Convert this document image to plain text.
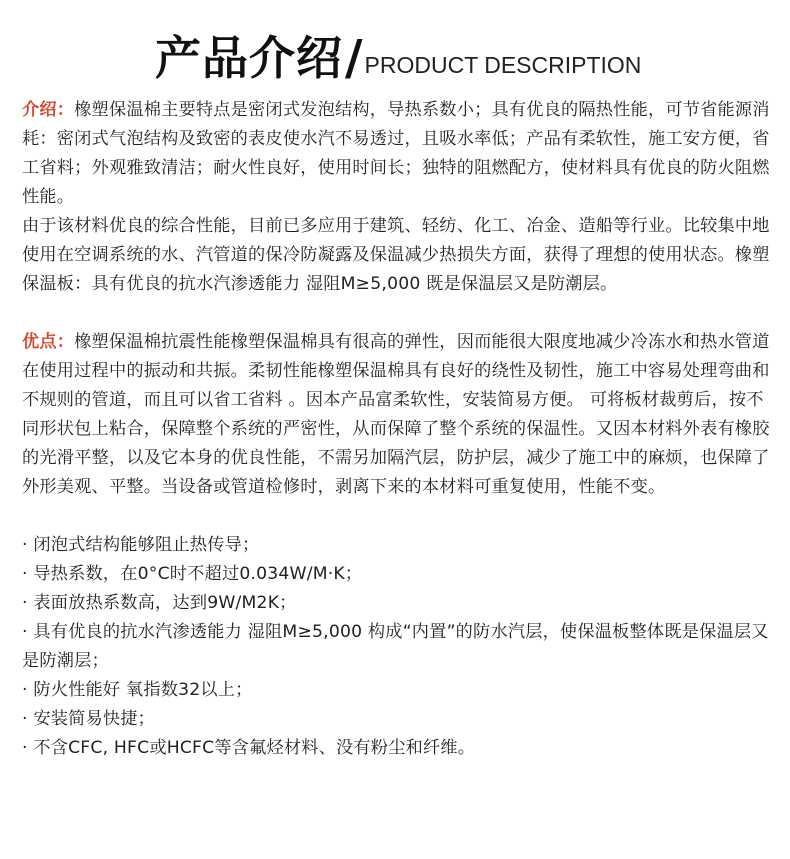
产品介绍 / PRODUCT DESCRIPTION

介绍：橡塑保温棉主要特点是密闭式发泡结构，导热系数小；具有优良的隔热性能，可节省能源消耗：密闭式气泡结构及致密的表皮使水汽不易透过，且吸水率低；产品有柔软性，施工安方便，省工省料；外观雅致清洁；耐火性良好，使用时间长；独特的阻燃配方，使材料具有优良的防火阻燃性能。

由于该材料优良的综合性能，目前已多应用于建筑、轻纺、化工、冶金、造船等行业。比较集中地使用在空调系统的水、汽管道的保冷防凝露及保温减少热损失方面，获得了理想的使用状态。橡塑保温板：具有优良的抗水汽渗透能力 湿阻M≥5,000 既是保温层又是防潮层。

优点：橡塑保温棉抗震性能橡塑保温棉具有很高的弹性，因而能很大限度地减少冷冻水和热水管道在使用过程中的振动和共振。柔韧性能橡塑保温棉具有良好的绕性及韧性，施工中容易处理弯曲和不规则的管道，而且可以省工省料 。因本产品富柔软性，安装简易方便。 可将板材裁剪后，按不同形状包上粘合，保障整个系统的严密性，从而保障了整个系统的保温性。又因本材料外表有橡胶的光滑平整，以及它本身的优良性能，不需另加隔汽层，防护层，减少了施工中的麻烦，也保障了外形美观、平整。当设备或管道检修时，剥离下来的本材料可重复使用，性能不变。

· 闭泡式结构能够阻止热传导；

· 导热系数，在0°C时不超过0.034W/M·K；

· 表面放热系数高，达到9W/M2K；

· 具有优良的抗水汽渗透能力 湿阻M≥5,000 构成“内置”的防水汽层，使保温板整体既是保温层又是防潮层；

· 防火性能好 氧指数32以上；

· 安装简易快捷；

· 不含CFC, HFC或HCFC等含氟烃材料、没有粉尘和纤维。
